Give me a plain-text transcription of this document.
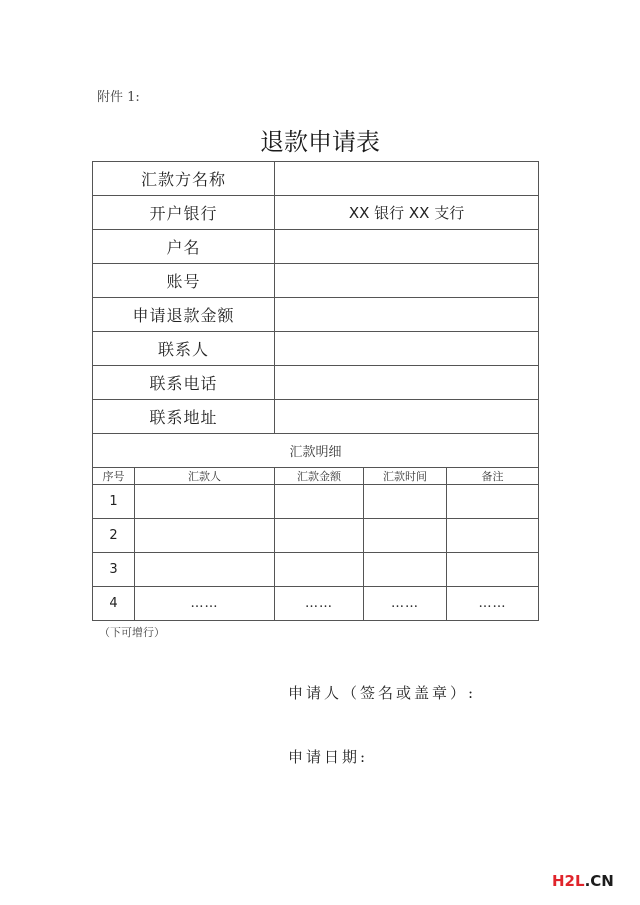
附件 1:
退款申请表
汇款方名称				
开户银行		XX 银行 XX 支行		
户名				
账号				
申请退款金额				
联系人				
联系电话				
联系地址				
汇款明细				
序号	汇款人	汇款金额	汇款时间	备注
1				
2				
3				
4	……	……	……	……
（下可增行）
申请人（签名或盖章）:
申请日期:
H2L.CN
